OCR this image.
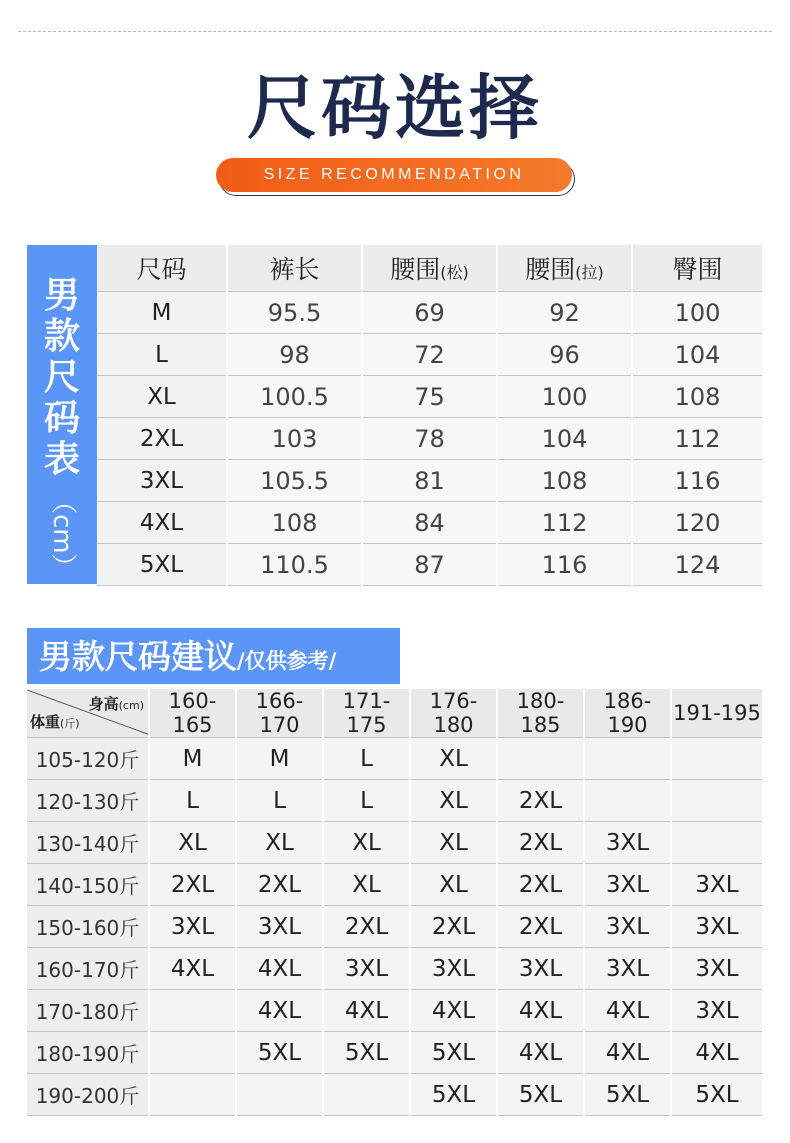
尺码选择
SIZE RECOMMENDATION
男
款
尺
码
表
（cm）
尺码	裤长	腰围(松)	腰围(拉)	臀围
M	95.5	69	92	100
L	98	72	96	104
XL	100.5	75	100	108
2XL	103	78	104	112
3XL	105.5	81	108	116
4XL	108	84	112	120
5XL	110.5	87	116	124
男款尺码建议/仅供参考/
身高(cm)
体重(斤)	160-165	166-170	171-175	176-180	180-185	186-190	191-195
105-120斤	M	M	L	XL			
120-130斤	L	L	L	XL	2XL		
130-140斤	XL	XL	XL	XL	2XL	3XL	
140-150斤	2XL	2XL	XL	XL	2XL	3XL	3XL
150-160斤	3XL	3XL	2XL	2XL	2XL	3XL	3XL
160-170斤	4XL	4XL	3XL	3XL	3XL	3XL	3XL
170-180斤		4XL	4XL	4XL	4XL	4XL	3XL
180-190斤		5XL	5XL	5XL	4XL	4XL	4XL
190-200斤				5XL	5XL	5XL	5XL
